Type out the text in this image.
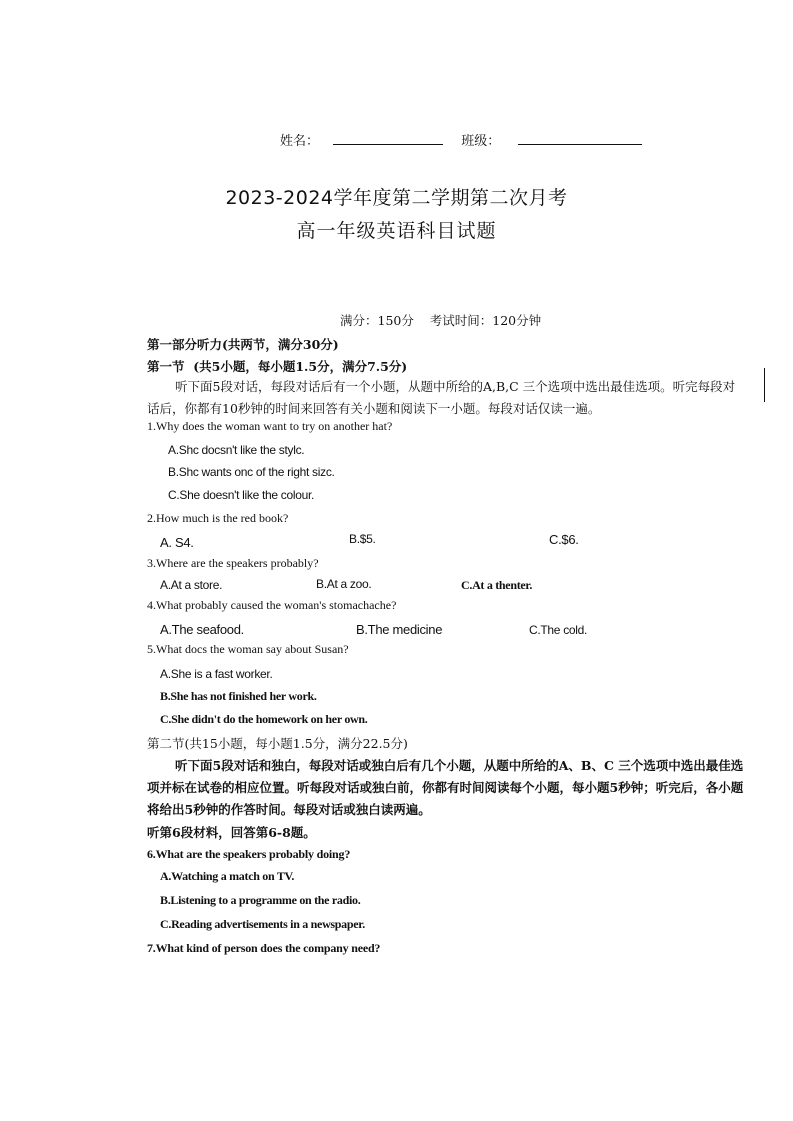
姓名：	班级：
2023-2024学年度第二学期第二次月考
高一年级英语科目试题
满分：150分    考试时间：120分钟
第一部分听力(共两节，满分30分)
第一节  (共5小题，每小题1.5分，满分7.5分)
听下面5段对话，每段对话后有一个小题，从题中所给的A,B,C 三个选项中选出最佳选项。听完每段对话后，你都有10秒钟的时间来回答有关小题和阅读下一小题。每段对话仅读一遍。
1.Why does the woman want to try on another hat?
A.Shc docsn't like the stylc.
B.Shc wants onc of the right sizc.
C.She doesn't like the colour.
2.How much is the red book?
A. S4.	B.$5.	C.$6.
3.Where are the speakers probably?
A.At a store.	B.At a zoo.	C.At a thenter.
4.What probably caused the woman's stomachache?
A.The seafood.	B.The medicine	C.The cold.
5.What docs the woman say about Susan?
A.She is a fast worker.
B.She has not finished her work.
C.She didn't do the homework on her own.
第二节(共15小题，每小题1.5分，满分22.5分)
听下面5段对话和独白，每段对话或独白后有几个小题，从题中所给的A、B、C 三个选项中选出最佳选项并标在试卷的相应位置。听每段对话或独白前，你都有时间阅读每个小题，每小题5秒钟；听完后，各小题将给出5秒钟的作答时间。每段对话或独白读两遍。
听第6段材料，回答第6-8题。
6.What are the speakers probably doing?
A.Watching a match on TV.
B.Listening to a programme on the radio.
C.Reading advertisements in a newspaper.
7.What kind of person does the company need?
